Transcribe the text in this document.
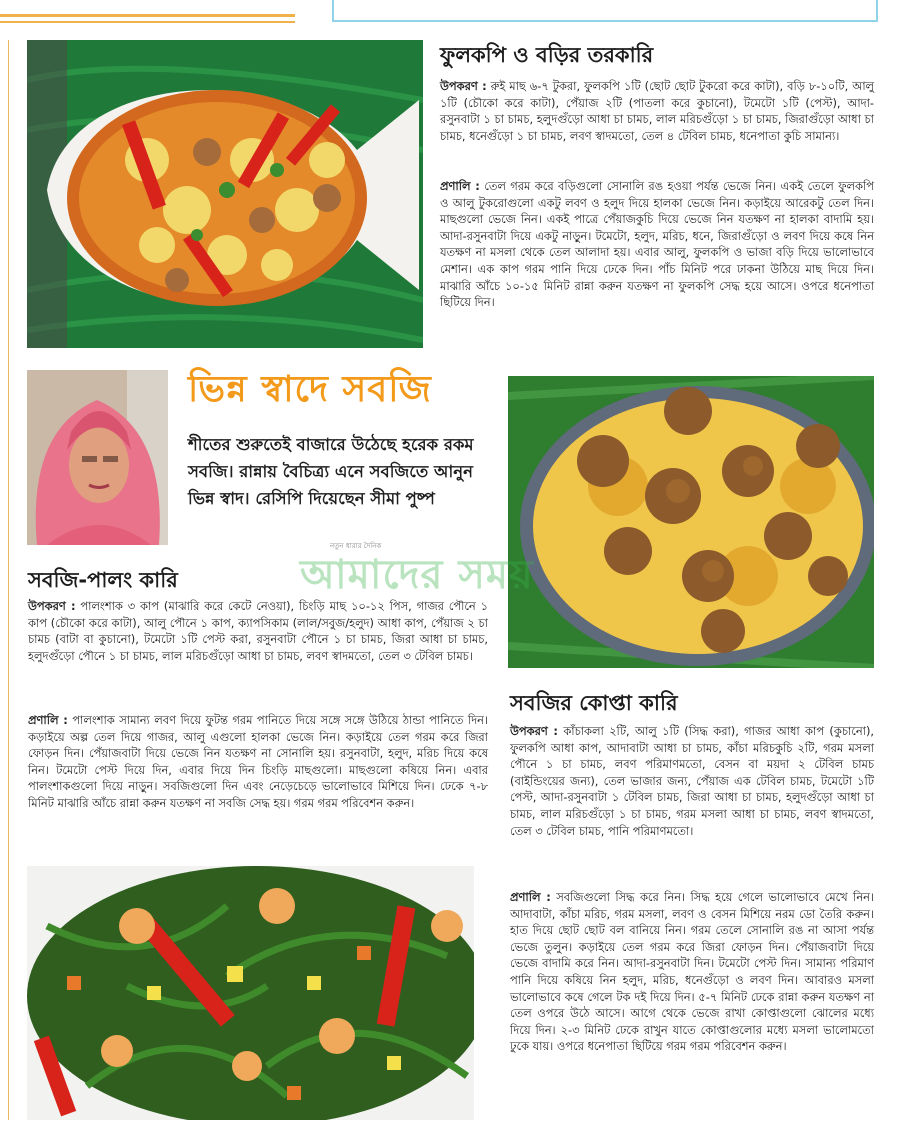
ফুলকপি ও বড়ির তরকারি
উপকরণ : রুই মাছ ৬-৭ টুকরা, ফুলকপি ১টি (ছোট ছোট টুকরো করে কাটা), বড়ি ৮-১০টি, আলু ১টি (চৌকো করে কাটা), পেঁয়াজ ২টি (পাতলা করে কুচানো), টমেটো ১টি (পেস্ট), আদা-রসুনবাটা ১ চা চামচ, হলুদগুঁড়ো আধা চা চামচ, লাল মরিচগুঁড়ো ১ চা চামচ, জিরাগুঁড়ো আধা চা চামচ, ধনেগুঁড়ো ১ চা চামচ, লবণ স্বাদমতো, তেল ৪ টেবিল চামচ, ধনেপাতা কুচি সামান্য।
প্রণালি : তেল গরম করে বড়িগুলো সোনালি রঙ হওয়া পর্যন্ত ভেজে নিন। একই তেলে ফুলকপি ও আলু টুকরোগুলো একটু লবণ ও হলুদ দিয়ে হালকা ভেজে নিন। কড়াইয়ে আরেকটু তেল দিন। মাছগুলো ভেজে নিন। একই পাত্রে পেঁয়াজকুচি দিয়ে ভেজে নিন যতক্ষণ না হালকা বাদামি হয়। আদা-রসুনবাটা দিয়ে একটু নাড়ুন। টমেটো, হলুদ, মরিচ, ধনে, জিরাগুঁড়ো ও লবণ দিয়ে কষে নিন যতক্ষণ না মসলা থেকে তেল আলাদা হয়। এবার আলু, ফুলকপি ও ভাজা বড়ি দিয়ে ভালোভাবে মেশান। এক কাপ গরম পানি দিয়ে ঢেকে দিন। পাঁচ মিনিট পরে ঢাকনা উঠিয়ে মাছ দিয়ে দিন। মাঝারি আঁচে ১০-১৫ মিনিট রান্না করুন যতক্ষণ না ফুলকপি সেদ্ধ হয়ে আসে। ওপরে ধনেপাতা ছিটিয়ে দিন।
ভিন্ন স্বাদে সবজি
শীতের শুরুতেই বাজারে উঠেছে হরেক রকম সবজি। রান্নায় বৈচিত্র্য এনে সবজিতে আনুন ভিন্ন স্বাদ। রেসিপি দিয়েছেন সীমা পুষ্প
নতুন ধারার দৈনিক
আমাদের সময়
সবজি-পালং কারি
উপকরণ : পালংশাক ৩ কাপ (মাঝারি করে কেটে নেওয়া), চিংড়ি মাছ ১০-১২ পিস, গাজর পৌনে ১ কাপ (চৌকো করে কাটা), আলু পৌনে ১ কাপ, ক্যাপসিকাম (লাল/সবুজ/হলুদ) আধা কাপ, পেঁয়াজ ২ চা চামচ (বাটা বা কুচানো), টমেটো ১টি পেস্ট করা, রসুনবাটা পৌনে ১ চা চামচ, জিরা আধা চা চামচ, হলুদগুঁড়ো পৌনে ১ চা চামচ, লাল মরিচগুঁড়ো আধা চা চামচ, লবণ স্বাদমতো, তেল ৩ টেবিল চামচ।
প্রণালি : পালংশাক সামান্য লবণ দিয়ে ফুটন্ত গরম পানিতে দিয়ে সঙ্গে সঙ্গে উঠিয়ে ঠান্ডা পানিতে দিন। কড়াইয়ে অল্প তেল দিয়ে গাজর, আলু এগুলো হালকা ভেজে নিন। কড়াইয়ে তেল গরম করে জিরা ফোড়ন দিন। পেঁয়াজবাটা দিয়ে ভেজে নিন যতক্ষণ না সোনালি হয়। রসুনবাটা, হলুদ, মরিচ দিয়ে কষে নিন। টমেটো পেস্ট দিয়ে দিন, এবার দিয়ে দিন চিংড়ি মাছগুলো। মাছগুলো কষিয়ে নিন। এবার পালংশাকগুলো দিয়ে নাড়ুন। সবজিগুলো দিন এবং নেড়েচেড়ে ভালোভাবে মিশিয়ে দিন। ঢেকে ৭-৮ মিনিট মাঝারি আঁচে রান্না করুন যতক্ষণ না সবজি সেদ্ধ হয়। গরম গরম পরিবেশন করুন।
সবজির কোপ্তা কারি
উপকরণ : কাঁচাকলা ২টি, আলু ১টি (সিদ্ধ করা), গাজর আধা কাপ (কুচানো), ফুলকপি আধা কাপ, আদাবাটা আধা চা চামচ, কাঁচা মরিচকুচি ২টি, গরম মসলা পৌনে ১ চা চামচ, লবণ পরিমাণমতো, বেসন বা ময়দা ২ টেবিল চামচ (বাইন্ডিংয়ের জন্য), তেল ভাজার জন্য, পেঁয়াজ এক টেবিল চামচ, টমেটো ১টি পেস্ট, আদা-রসুনবাটা ১ টেবিল চামচ, জিরা আধা চা চামচ, হলুদগুঁড়ো আধা চা চামচ, লাল মরিচগুঁড়ো ১ চা চামচ, গরম মসলা আধা চা চামচ, লবণ স্বাদমতো, তেল ৩ টেবিল চামচ, পানি পরিমাণমতো।
প্রণালি : সবজিগুলো সিদ্ধ করে নিন। সিদ্ধ হয়ে গেলে ভালোভাবে মেখে নিন। আদাবাটা, কাঁচা মরিচ, গরম মসলা, লবণ ও বেসন মিশিয়ে নরম ডো তৈরি করুন। হাত দিয়ে ছোট ছোট বল বানিয়ে নিন। গরম তেলে সোনালি রঙ না আসা পর্যন্ত ভেজে তুলুন। কড়াইয়ে তেল গরম করে জিরা ফোড়ন দিন। পেঁয়াজবাটা দিয়ে ভেজে বাদামি করে নিন। আদা-রসুনবাটা দিন। টমেটো পেস্ট দিন। সামান্য পরিমাণ পানি দিয়ে কষিয়ে নিন হলুদ, মরিচ, ধনেগুঁড়ো ও লবণ দিন। আবারও মসলা ভালোভাবে কষে গেলে টক দই দিয়ে দিন। ৫-৭ মিনিট ঢেকে রান্না করুন যতক্ষণ না তেল ওপরে উঠে আসে। আগে থেকে ভেজে রাখা কোপ্তাগুলো ঝোলের মধ্যে দিয়ে দিন। ২-৩ মিনিট ঢেকে রাখুন যাতে কোপ্তাগুলোর মধ্যে মসলা ভালোমতো ঢুকে যায়। ওপরে ধনেপাতা ছিটিয়ে গরম গরম পরিবেশন করুন।
